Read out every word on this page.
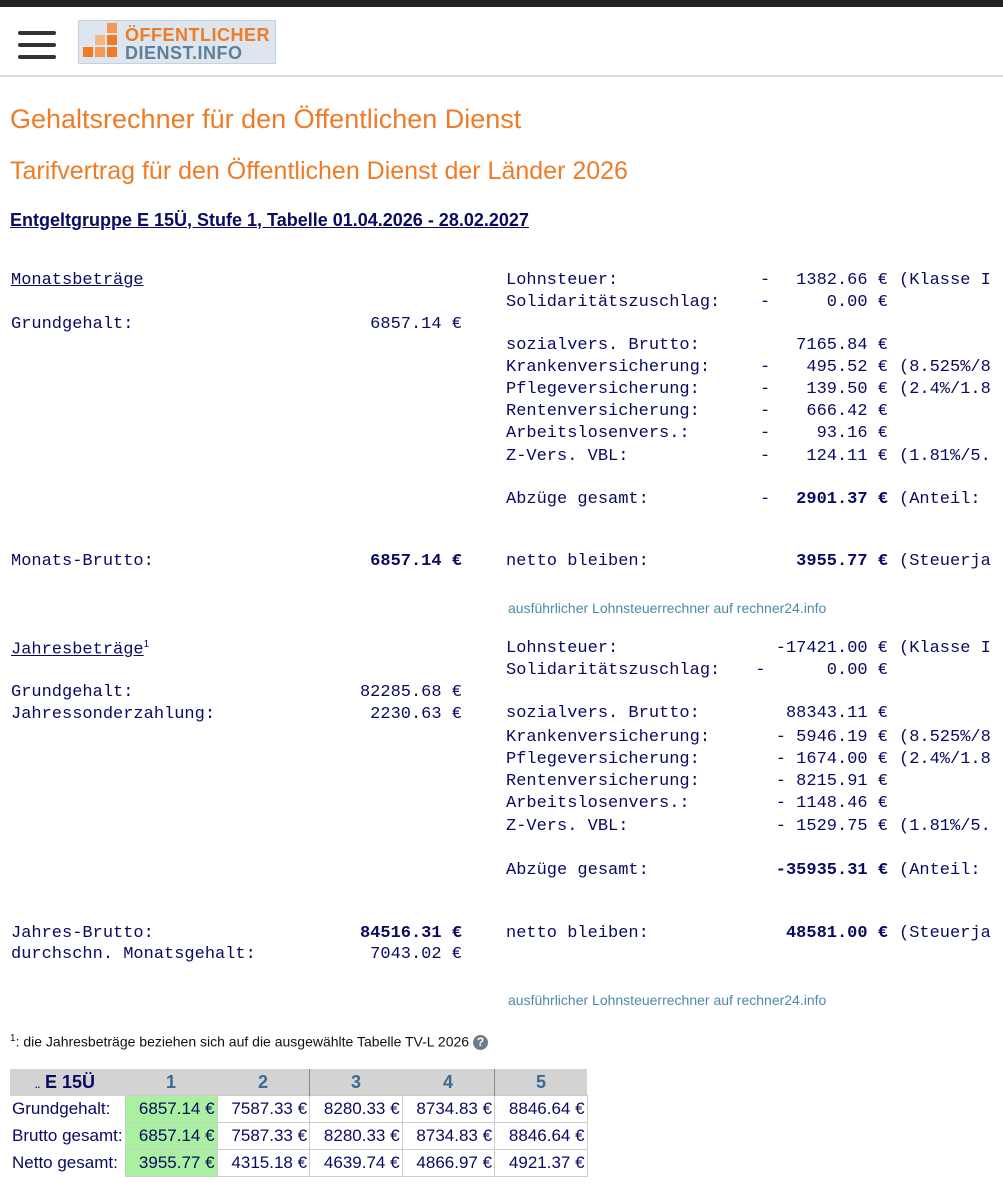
ÖFFENTLICHER
DIENST.INFO
Gehaltsrechner für den Öffentlichen Dienst
Tarifvertrag für den Öffentlichen Dienst der Länder 2026
Entgeltgruppe E 15Ü, Stufe 1, Tabelle 01.04.2026 - 28.02.2027
Monatsbeträge
Grundgehalt:	6857.14 €
Monats-Brutto:	6857.14 €
Lohnsteuer:	-	1382.66 € (Klasse I
Solidaritätszuschlag: -	0.00 €
sozialvers. Brutto:	7165.84 €
Krankenversicherung:	-	495.52 € (8.525%/8
Pflegeversicherung:	-	139.50 € (2.4%/1.8
Rentenversicherung:	-	666.42 €
Arbeitslosenvers.:	-	93.16 €
Z-Vers. VBL:	-	124.11 € (1.81%/5.
Abzüge gesamt:	-	2901.37 € (Anteil:
netto bleiben:	3955.77 € (Steuerja
ausführlicher Lohnsteuerrechner auf rechner24.info
Jahresbeträge$^1$
Grundgehalt:	82285.68 €
Jahressonderzahlung:	2230.63 €
Jahres-Brutto:	84516.31 €
durchschn. Monatsgehalt:	7043.02 €
Lohnsteuer:	-17421.00 € (Klasse I
Solidaritätszuschlag:	-      0.00 €
sozialvers. Brutto:	88343.11 €
Krankenversicherung:	- 5946.19 € (8.525%/8
Pflegeversicherung:	- 1674.00 € (2.4%/1.8
Rentenversicherung:	- 8215.91 €
Arbeitslosenvers.:	- 1148.46 €
Z-Vers. VBL:	- 1529.75 € (1.81%/5.
Abzüge gesamt:	-35935.31 € (Anteil:
netto bleiben:	48581.00 € (Steuerja
ausführlicher Lohnsteuerrechner auf rechner24.info
$^1$: die Jahresbeträge beziehen sich auf die ausgewählte Tabelle TV-L 2026 ?
.. E 15Ü	1	2	3	4	5
Grundgehalt:	6857.14 €	7587.33 €	8280.33 €	8734.83 €	8846.64 €
Brutto gesamt:	6857.14 €	7587.33 €	8280.33 €	8734.83 €	8846.64 €
Netto gesamt:	3955.77 €	4315.18 €	4639.74 €	4866.97 €	4921.37 €
